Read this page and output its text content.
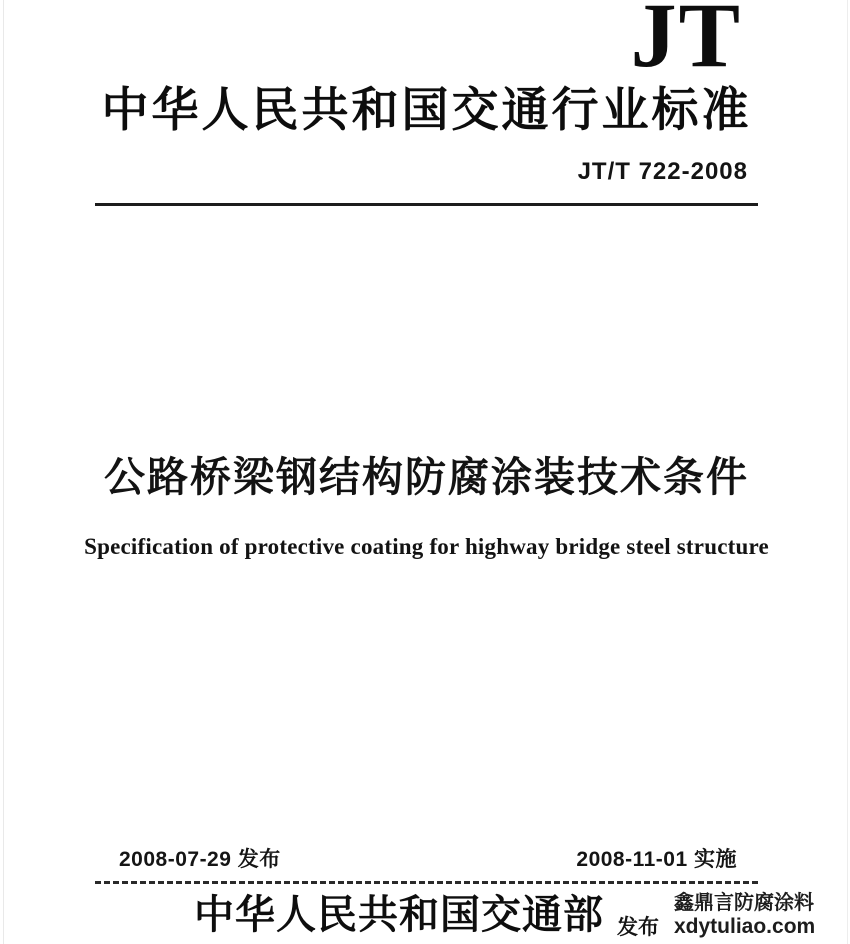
JT
中华人民共和国交通行业标准
JT/T 722-2008
公路桥梁钢结构防腐涂装技术条件
Specification of protective coating for highway bridge steel structure
2008-07-29 发布	2008-11-01 实施
中华人民共和国交通部 发布
鑫鼎言防腐涂料
xdytuliao.com
